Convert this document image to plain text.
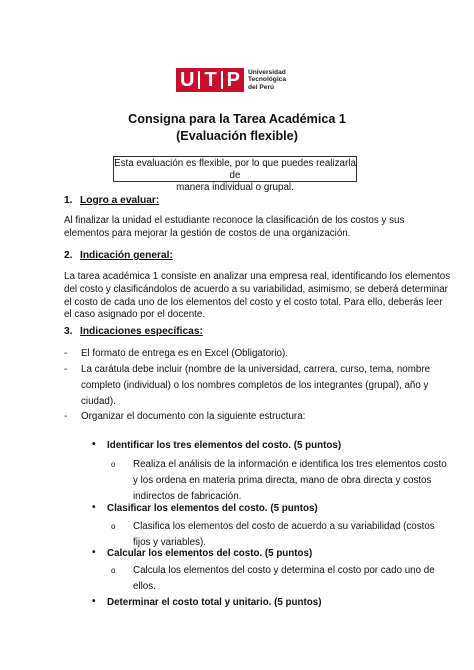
U T P Universidad
Tecnológica
del Perú
Consigna para la Tarea Académica 1
(Evaluación flexible)
Esta evaluación es flexible, por lo que puedes realizarla de
manera individual o grupal.
1. Logro a evaluar:
Al finalizar la unidad el estudiante reconoce la clasificación de los costos y sus
elementos para mejorar la gestión de costos de una organización.
2. Indicación general:
La tarea académica 1 consiste en analizar una empresa real, identificando los elementos
del costo y clasificándolos de acuerdo a su variabilidad, asimismo, se deberá determinar
el costo de cada uno de los elementos del costo y el costo total. Para ello, deberás leer
el caso asignado por el docente.
3. Indicaciones específicas:
- El formato de entrega es en Excel (Obligatorio).
- La carátula debe incluir (nombre de la universidad, carrera, curso, tema, nombre
completo (individual) o los nombres completos de los integrantes (grupal), año y
ciudad).
- Organizar el documento con la siguiente estructura:
• Identificar los tres elementos del costo. (5 puntos)
o Realiza el análisis de la información e identifica los tres elementos costo
y los ordena en materia prima directa, mano de obra directa y costos
indirectos de fabricación.
• Clasificar los elementos del costo. (5 puntos)
o Clasifica los elementos del costo de acuerdo a su variabilidad (costos
fijos y variables).
• Calcular los elementos del costo. (5 puntos)
o Calcula los elementos del costo y determina el costo por cado uno de
ellos.
• Determinar el costo total y unitario. (5 puntos)
